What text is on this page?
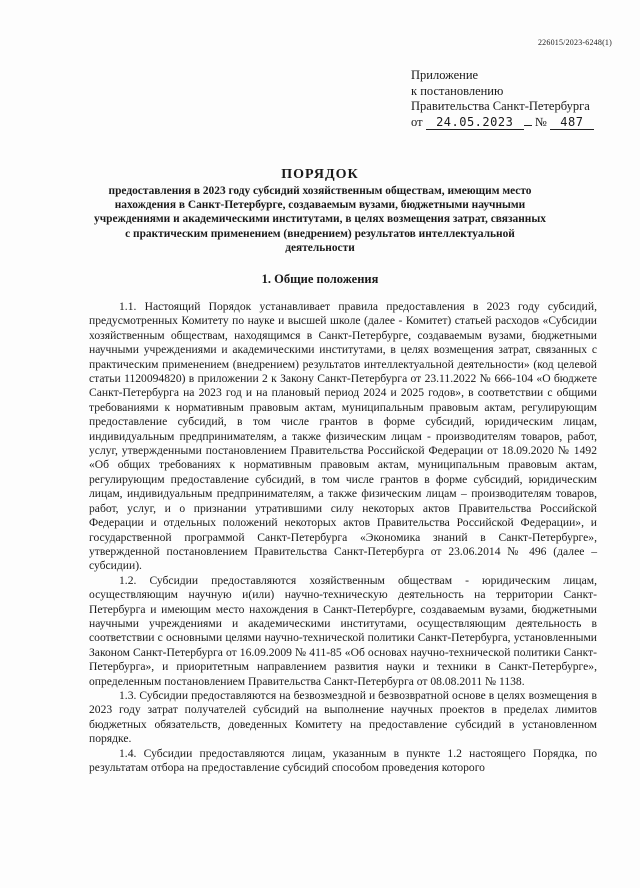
226015/2023-6248(1)
Приложение
к постановлению
Правительства Санкт-Петербурга
от 24.05.2023 № 487
ПОРЯДОК
предоставления в 2023 году субсидий хозяйственным обществам, имеющим место нахождения в Санкт-Петербурге, создаваемым вузами, бюджетными научными учреждениями и академическими институтами, в целях возмещения затрат, связанных с практическим применением (внедрением) результатов интеллектуальной деятельности
1. Общие положения

1.1. Настоящий Порядок устанавливает правила предоставления в 2023 году субсидий, предусмотренных Комитету по науке и высшей школе (далее - Комитет) статьей расходов «Субсидии хозяйственным обществам, находящимся в Санкт-Петербурге, создаваемым вузами, бюджетными научными учреждениями и академическими институтами, в целях возмещения затрат, связанных с практическим применением (внедрением) результатов интеллектуальной деятельности» (код целевой статьи 1120094820) в приложении 2 к Закону Санкт-Петербурга от 23.11.2022 № 666-104 «О бюджете Санкт-Петербурга на 2023 год и на плановый период 2024 и 2025 годов», в соответствии с общими требованиями к нормативным правовым актам, муниципальным правовым актам, регулирующим предоставление субсидий, в том числе грантов в форме субсидий, юридическим лицам, индивидуальным предпринимателям, а также физическим лицам - производителям товаров, работ, услуг, утвержденными постановлением Правительства Российской Федерации от 18.09.2020 № 1492 «Об общих требованиях к нормативным правовым актам, муниципальным правовым актам, регулирующим предоставление субсидий, в том числе грантов в форме субсидий, юридическим лицам, индивидуальным предпринимателям, а также физическим лицам – производителям товаров, работ, услуг, и о признании утратившими силу некоторых актов Правительства Российской Федерации и отдельных положений некоторых актов Правительства Российской Федерации», и государственной программой Санкт-Петербурга «Экономика знаний в Санкт-Петербурге», утвержденной постановлением Правительства Санкт-Петербурга от 23.06.2014 № 496 (далее – субсидии).

1.2. Субсидии предоставляются хозяйственным обществам - юридическим лицам, осуществляющим научную и(или) научно-техническую деятельность на территории Санкт-Петербурга и имеющим место нахождения в Санкт-Петербурге, создаваемым вузами, бюджетными научными учреждениями и академическими институтами, осуществляющим деятельность в соответствии с основными целями научно-технической политики Санкт-Петербурга, установленными Законом Санкт-Петербурга от 16.09.2009 № 411-85 «Об основах научно-технической политики Санкт-Петербурга», и приоритетным направлением развития науки и техники в Санкт-Петербурге», определенным постановлением Правительства Санкт-Петербурга от 08.08.2011 № 1138.

1.3. Субсидии предоставляются на безвозмездной и безвозвратной основе в целях возмещения в 2023 году затрат получателей субсидий на выполнение научных проектов в пределах лимитов бюджетных обязательств, доведенных Комитету на предоставление субсидий в установленном порядке.

1.4. Субсидии предоставляются лицам, указанным в пункте 1.2 настоящего Порядка, по результатам отбора на предоставление субсидий способом проведения которого
